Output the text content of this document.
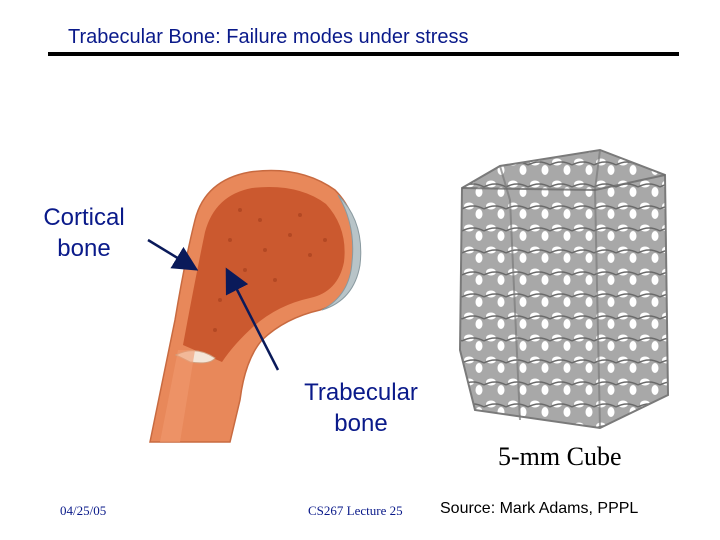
Trabecular Bone: Failure modes under stress
Cortical bone
Trabecular bone
5-mm Cube
04/25/05	CS267 Lecture 25 Source: Mark Adams, PPPL
